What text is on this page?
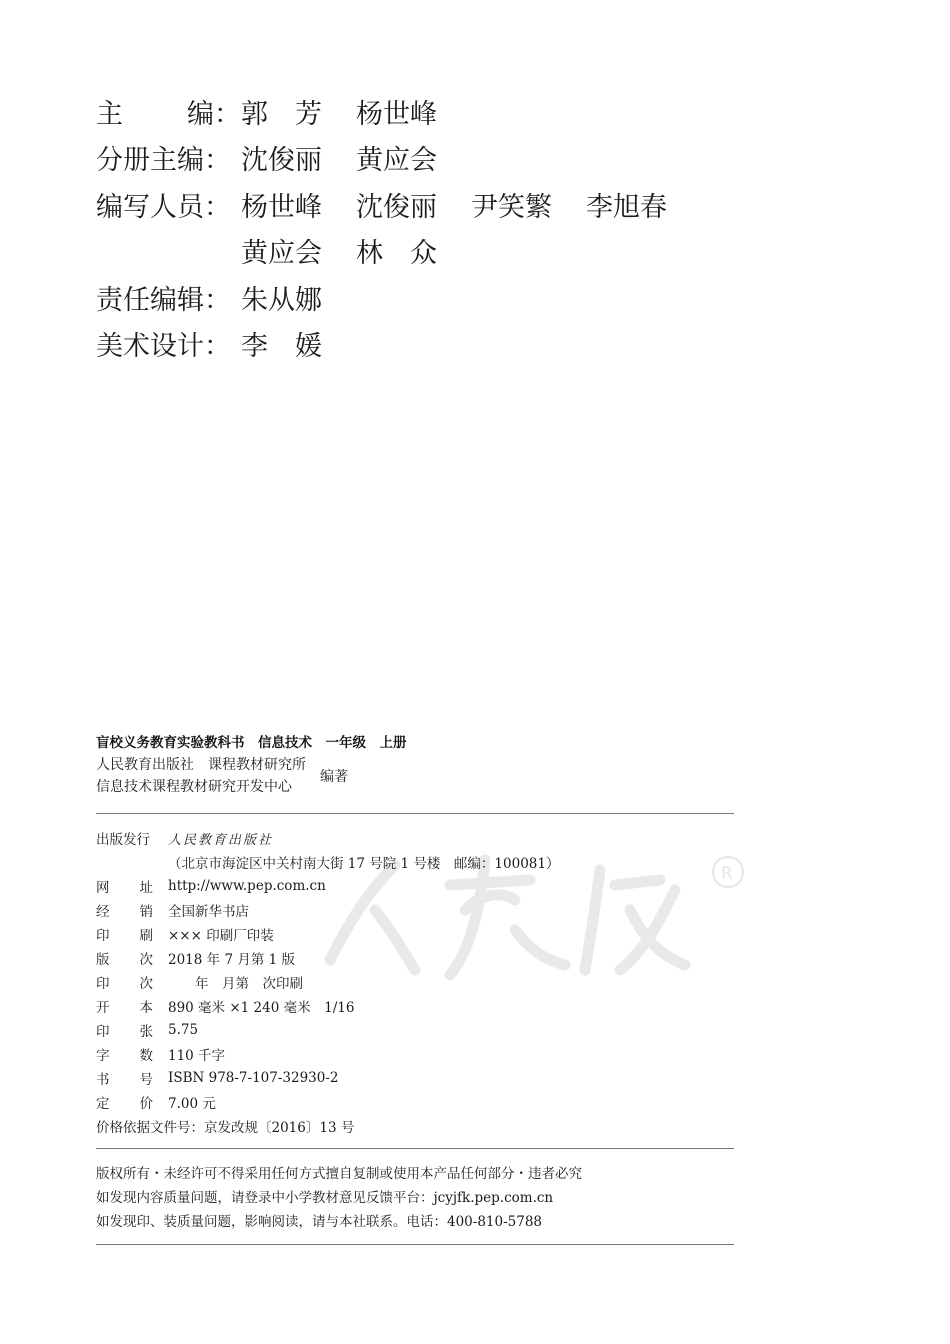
主 编： 郭　芳	杨世峰
分册主编： 沈俊丽	黄应会
编写人员： 杨世峰	沈俊丽	尹笑繁	李旭春
黄应会	林　众
责任编辑： 朱从娜
美术设计： 李　媛
R
盲校义务教育实验教科书　信息技术　一年级　上册
人民教育出版社　课程教材研究所
信息技术课程教材研究开发中心
编著
出版发行	人民教育出版社
（北京市海淀区中关村南大街 17 号院 1 号楼　邮编：100081）
网 址 http://www.pep.com.cn
经 销 全国新华书店
印 刷 ××× 印刷厂印装
版 次 2018 年 7 月第 1 版
印 次 　　年　月第　次印刷
开 本 890 毫米 ×1 240 毫米　1/16
印 张 5.75
字 数 110 千字
书 号 ISBN 978-7-107-32930-2
定 价 7.00 元
价格依据文件号：京发改规〔2016〕13 号
版权所有・未经许可不得采用任何方式擅自复制或使用本产品任何部分・违者必究
如发现内容质量问题，请登录中小学教材意见反馈平台：jcyjfk.pep.com.cn
如发现印、装质量问题，影响阅读，请与本社联系。电话：400-810-5788
